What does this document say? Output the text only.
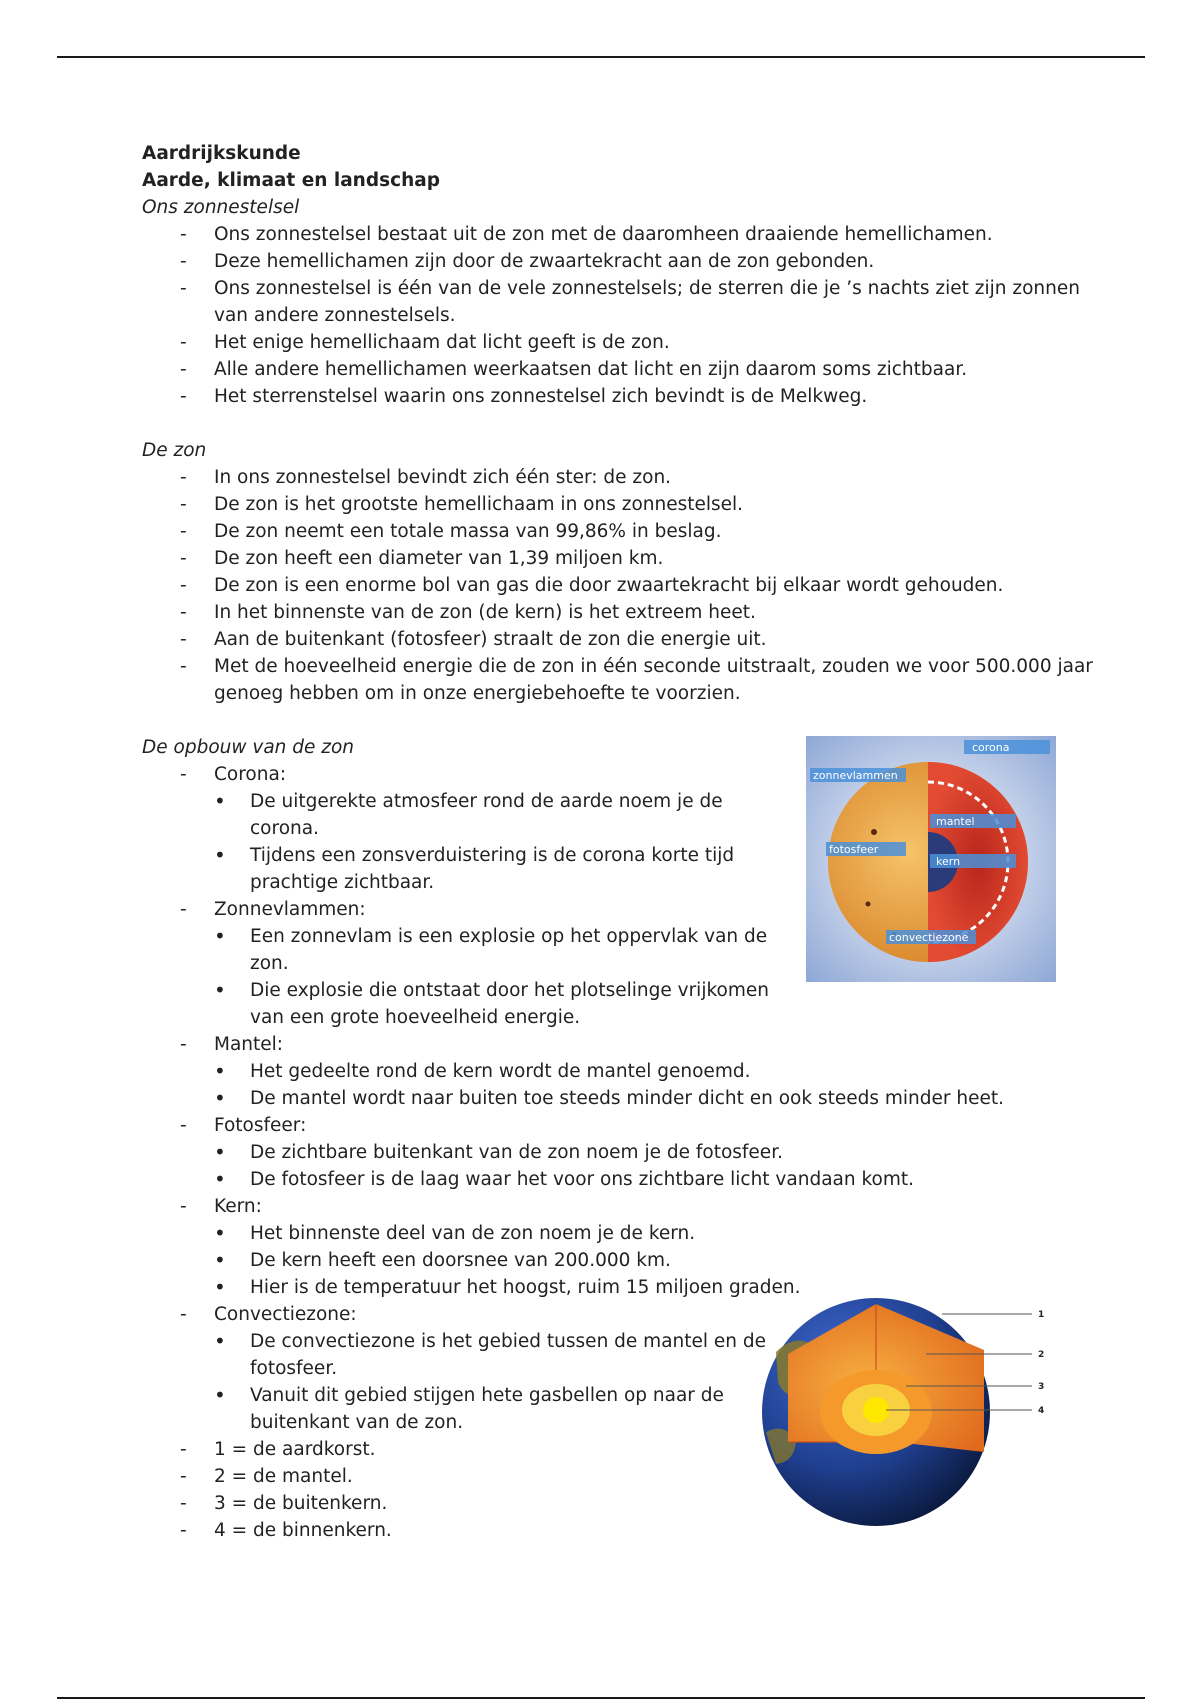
Aardrijkskunde
Aarde, klimaat en landschap
Ons zonnestelsel
- Ons zonnestelsel bestaat uit de zon met de daaromheen draaiende hemellichamen.
- Deze hemellichamen zijn door de zwaartekracht aan de zon gebonden.
- Ons zonnestelsel is één van de vele zonnestelsels; de sterren die je ’s nachts ziet zijn zonnen van andere zonnestelsels.
- Het enige hemellichaam dat licht geeft is de zon.
- Alle andere hemellichamen weerkaatsen dat licht en zijn daarom soms zichtbaar.
- Het sterrenstelsel waarin ons zonnestelsel zich bevindt is de Melkweg.
De zon
- In ons zonnestelsel bevindt zich één ster: de zon.
- De zon is het grootste hemellichaam in ons zonnestelsel.
- De zon neemt een totale massa van 99,86% in beslag.
- De zon heeft een diameter van 1,39 miljoen km.
- De zon is een enorme bol van gas die door zwaartekracht bij elkaar wordt gehouden.
- In het binnenste van de zon (de kern) is het extreem heet.
- Aan de buitenkant (fotosfeer) straalt de zon die energie uit.
- Met de hoeveelheid energie die de zon in één seconde uitstraalt, zouden we voor 500.000 jaar genoeg hebben om in onze energiebehoefte te voorzien.
De opbouw van de zon
- Corona:
• De uitgerekte atmosfeer rond de aarde noem je de corona.
• Tijdens een zonsverduistering is de corona korte tijd prachtige zichtbaar.
- Zonnevlammen:
• Een zonnevlam is een explosie op het oppervlak van de zon.
• Die explosie die ontstaat door het plotselinge vrijkomen van een grote hoeveelheid energie.
- Mantel:
• Het gedeelte rond de kern wordt de mantel genoemd.
• De mantel wordt naar buiten toe steeds minder dicht en ook steeds minder heet.
- Fotosfeer:
• De zichtbare buitenkant van de zon noem je de fotosfeer.
• De fotosfeer is de laag waar het voor ons zichtbare licht vandaan komt.
- Kern:
• Het binnenste deel van de zon noem je de kern.
• De kern heeft een doorsnee van 200.000 km.
• Hier is de temperatuur het hoogst, ruim 15 miljoen graden.
- Convectiezone:
• De convectiezone is het gebied tussen de mantel en de fotosfeer.
• Vanuit dit gebied stijgen hete gasbellen op naar de buitenkant van de zon.
- 1 = de aardkorst.
- 2 = de mantel.
- 3 = de buitenkern.
- 4 = de binnenkern.
corona
zonnevlammen
mantel
fotosfeer
kern
convectiezone
1
2
3
4
